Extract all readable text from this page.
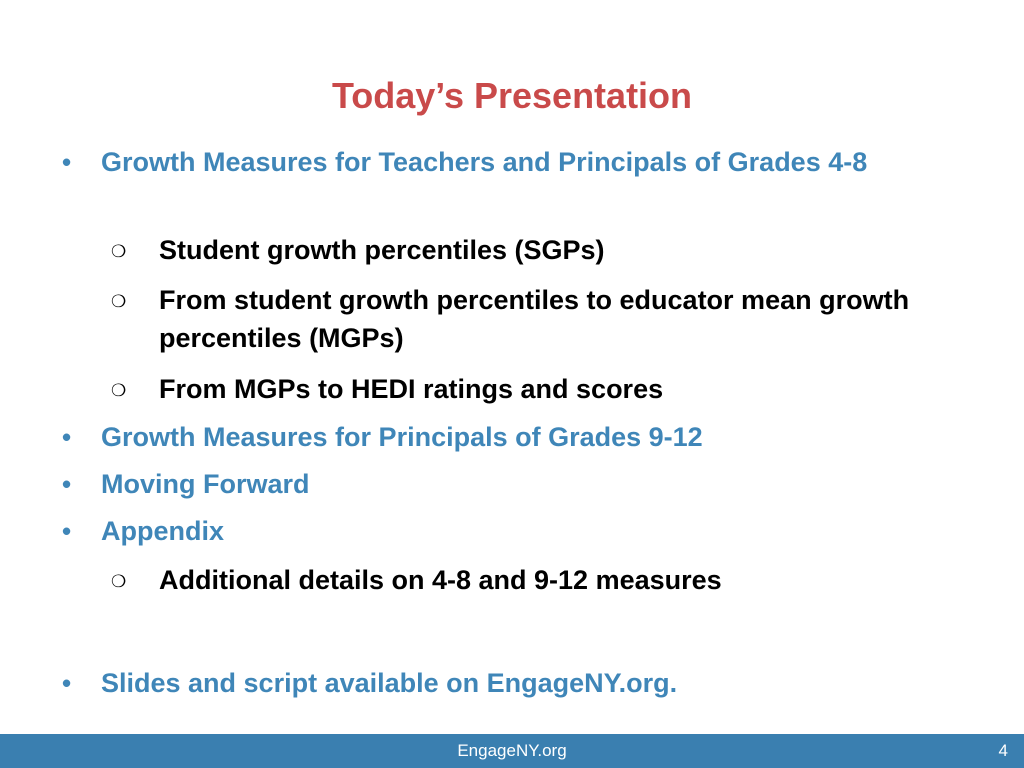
Today’s Presentation
• Growth Measures for Teachers and Principals of Grades 4-8
❍ Student growth percentiles (SGPs)
❍ From student growth percentiles to educator mean growth percentiles (MGPs)
❍ From MGPs to HEDI ratings and scores
• Growth Measures for Principals of Grades 9-12
• Moving Forward
• Appendix
❍ Additional details on 4-8 and 9-12 measures
• Slides and script available on EngageNY.org.
EngageNY.org	4
